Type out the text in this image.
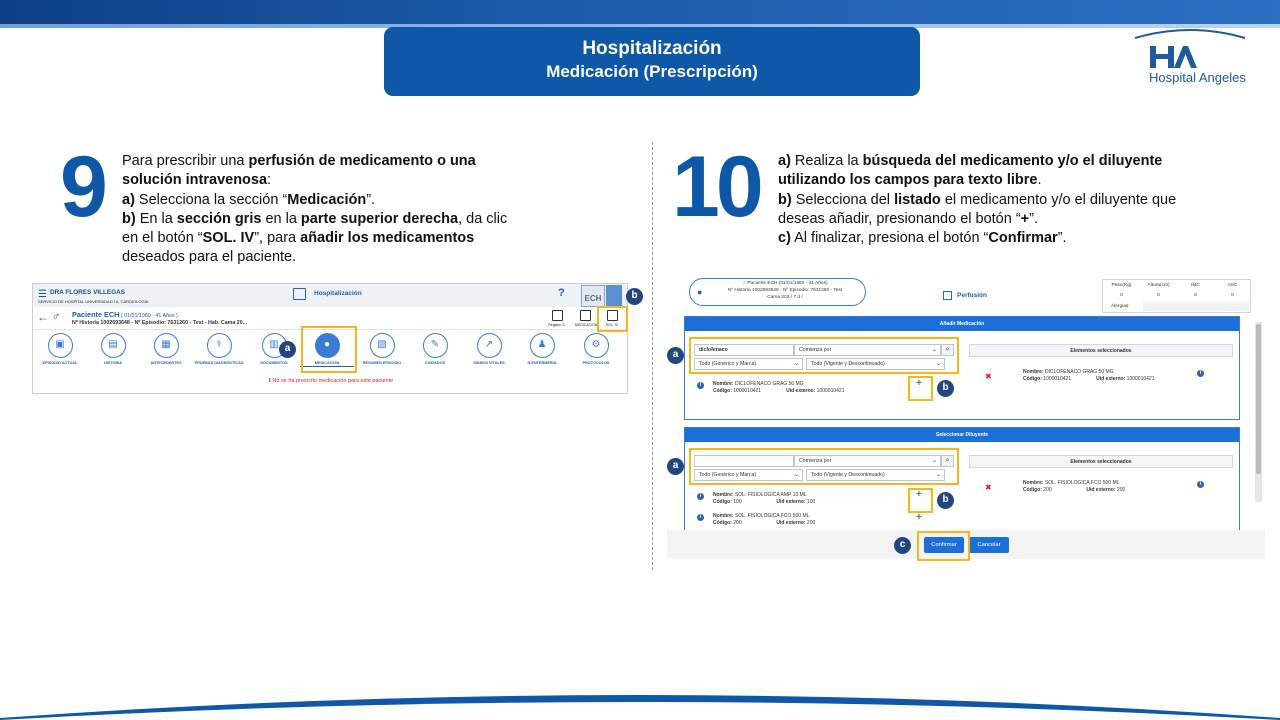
Hospitalización
Medicación (Prescripción)	Hospital Angeles
9 Para prescribir una perfusión de medicamento o una solución intravenosa:
a) Selecciona la sección “Medicación”.
b) En la sección gris en la parte superior derecha, da clic en el botón “SOL. IV”, para añadir los medicamentos deseados para el paciente.
10 a) Realiza la búsqueda del medicamento y/o el diluyente utilizando los campos para texto libre.
b) Selecciona del listado el medicamento y/o el diluyente que deseas añadir, presionando el botón “+”.
c) Al finalizar, presiona el botón “Confirmar”.
☰ DRA FLORES VILLEGAS
SERVICIO DE HOSPITAL UNIVERSIDAD / A. CARDIOLOGÍA
Hospitalización	?	ECH
← ♂ Paciente ECH ( 01/01/1980 - 41 Años )
Nº Historia 1002693648 - Nº Episodio: 7631260 - Test - Hab. Cama 20...	Registro S.	MEDICACIÓN	SOL. IV
▣
EPISODIO ACTUAL
▤
HISTORIA
▦
ANTECEDENTES
⚕
PRUEBAS DIAGNÓSTICAS
▥
DOCUMENTOS
●
MEDICACIÓN
▧
RESUMEN EPISODIO
✎
CUIDADOS
↗
SIGNOS VITALES
♟
N.ENFERMERÍA
⚙
PROTOCOLOS
ℹ No se ha prescrito medicación para este paciente
a
b	●
♂ Paciente ECH (01/01/1980 - 41 Años)
Nº Historia 1002693648 - Nº Episodio: 7631260 - Test
Cama 202 / 7 d /	Perfusión
Peso(Kg)	Altura(cm)	IMC	ASC
0	0	0	0
Alergias:
Añadir Medicación
diclofenaco	Comienza por	⌄	⌕
Todo (Genérico y Marca)	⌄	Todo (Vigente y Descontinuado)	⌄
i	Nombre: DICLOFENACO GRAG 50 MG
Código: 1000010421	Uid externo: 1000010421
+
Elementos seleccionados
✖	Nombre: DICLOFENACO GRAG 50 MG
Código: 1000010421	Uid externo: 1000010421
i
Seleccionar Diluyente
Comienza por	⌄	⌕
Todo (Genérico y Marca)	⌄	Todo (Vigente y Descontinuado)	⌄
i	Nombre: SOL. FISIOLOGICA AMP 10 ML
Código: 100	Uid externo: 100
+
i	Nombre: SOL. FISIOLOGICA FCO 500 ML
Código: 200	Uid externo: 200	+
Elementos seleccionados
✖	Nombre: SOL. FISIOLOGICA FCO 500 ML
Código: 200	Uid externo: 200
i
Confirmar	Cancelar
a
b
a
b
c
